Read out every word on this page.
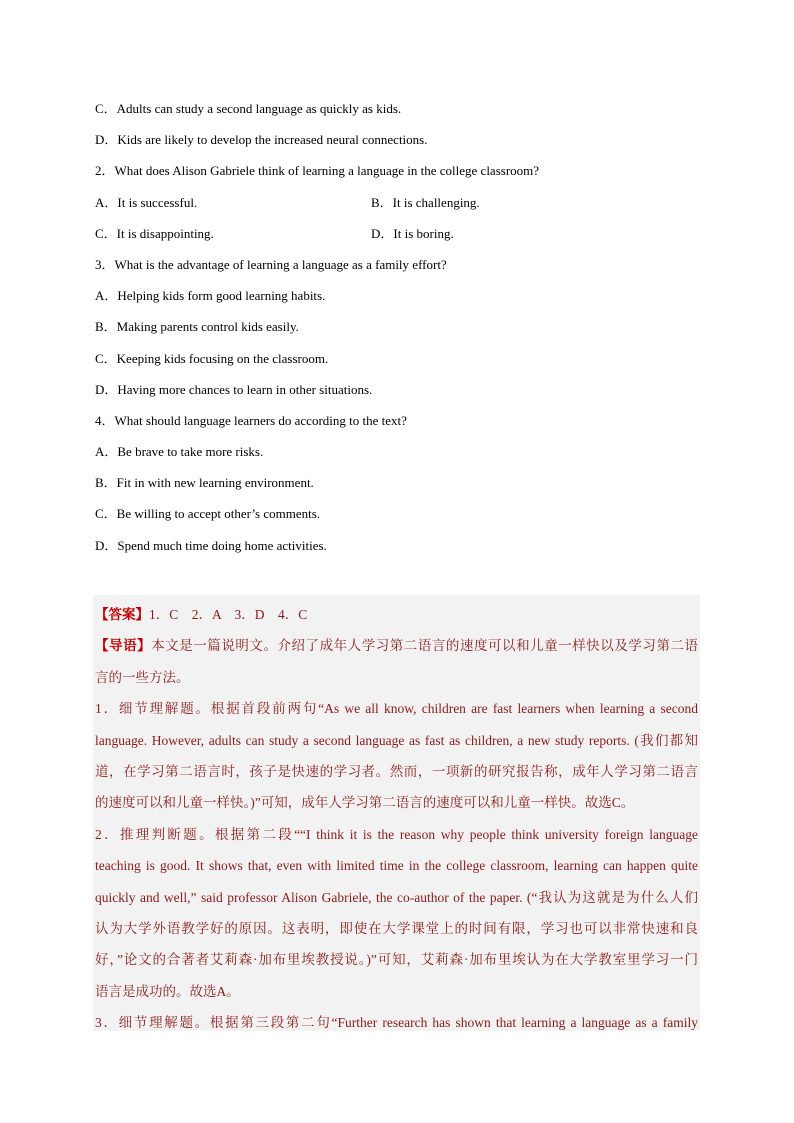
C．Adults can study a second language as quickly as kids.
D．Kids are likely to develop the increased neural connections.
2．What does Alison Gabriele think of learning a language in the college classroom?
A．It is successful.	B．It is challenging.
C．It is disappointing.	D．It is boring.
3．What is the advantage of learning a language as a family effort?
A．Helping kids form good learning habits.
B．Making parents control kids easily.
C．Keeping kids focusing on the classroom.
D．Having more chances to learn in other situations.
4．What should language learners do according to the text?
A．Be brave to take more risks.
B．Fit in with new learning environment.
C．Be willing to accept other’s comments.
D．Spend much time doing home activities.
【答案】1．C　2．A　3．D　4．C
【导语】本文是一篇说明文。介绍了成年人学习第二语言的速度可以和儿童一样快以及学习第二语
言的一些方法。
1．细节理解题。根据首段前两句“As we all know, children are fast learners when learning a second
language. However, adults can study a second language as fast as children, a new study reports. (我们都知
道，在学习第二语言时，孩子是快速的学习者。然而，一项新的研究报告称，成年人学习第二语言
的速度可以和儿童一样快。)”可知，成年人学习第二语言的速度可以和儿童一样快。故选C。
2．推理判断题。根据第二段““I think it is the reason why people think university foreign language
teaching is good. It shows that, even with limited time in the college classroom, learning can happen quite
quickly and well,” said professor Alison Gabriele, the co-author of the paper. (“我认为这就是为什么人们
认为大学外语教学好的原因。这表明，即使在大学课堂上的时间有限，学习也可以非常快速和良
好，”论文的合著者艾莉森·加布里埃教授说。)”可知，艾莉森·加布里埃认为在大学教室里学习一门
语言是成功的。故选A。
3．细节理解题。根据第三段第二句“Further research has shown that learning a language as a family
